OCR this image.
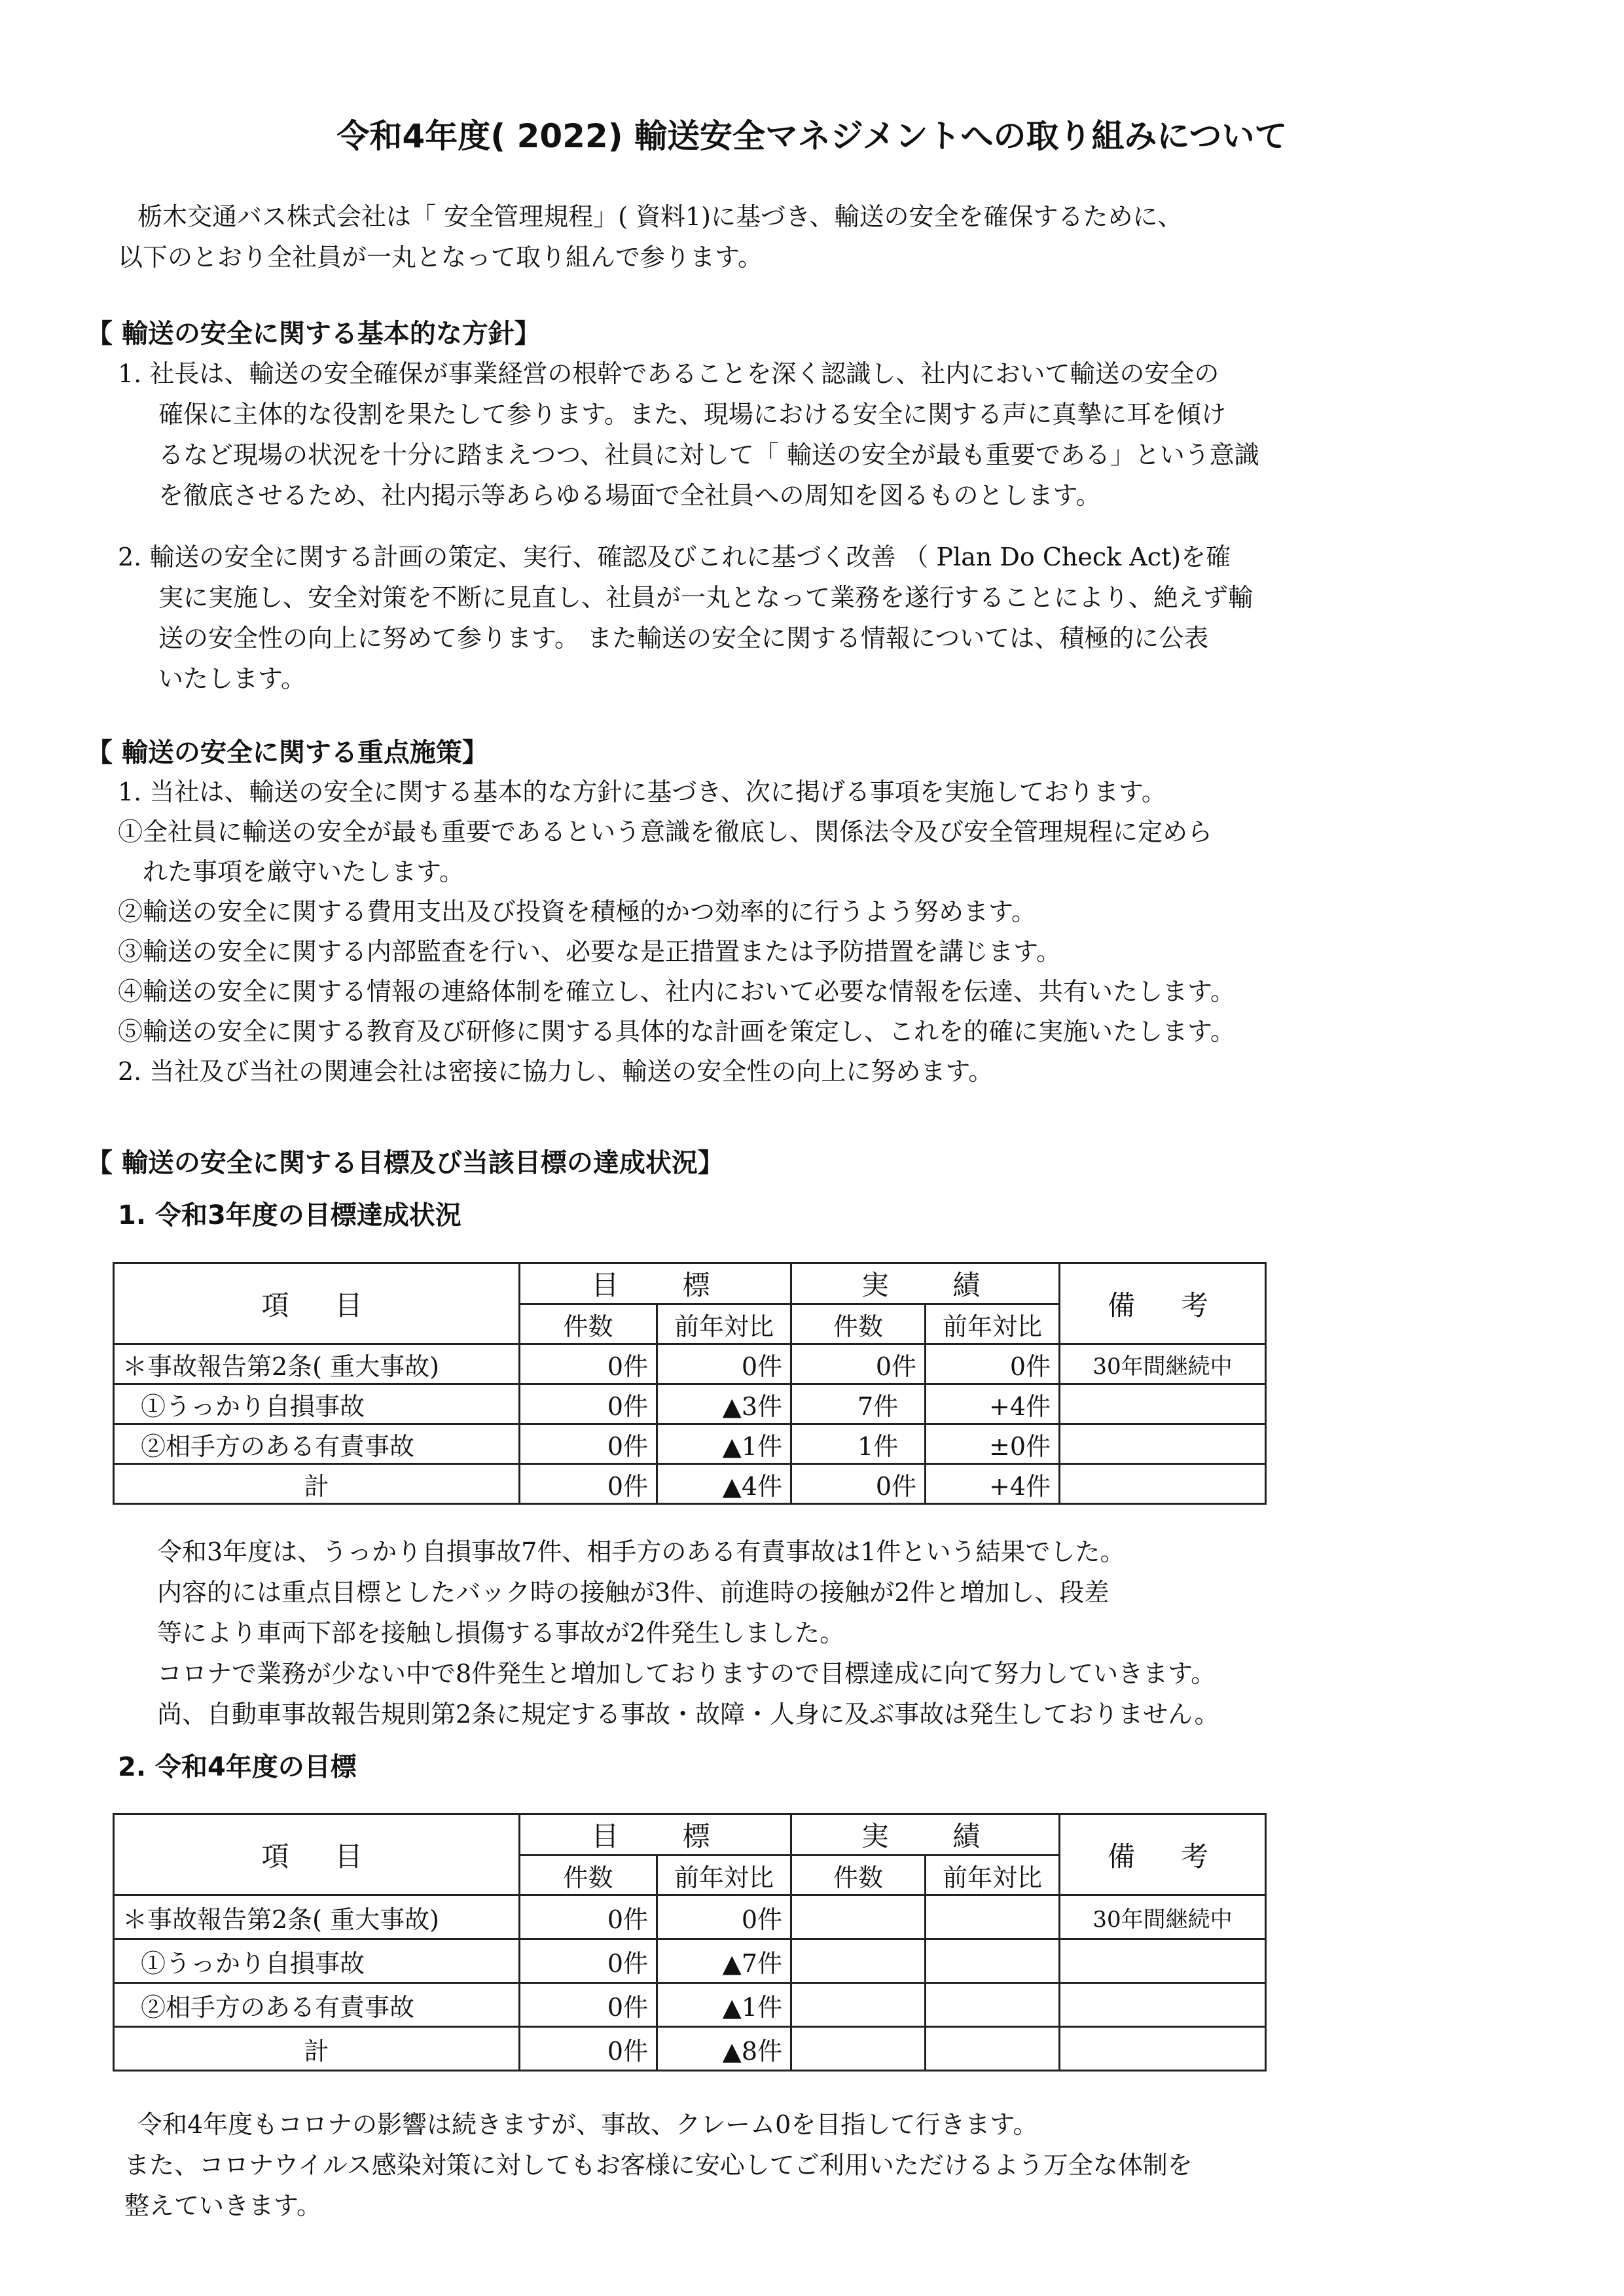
令和4年度( 2022) 輸送安全マネジメントへの取り組みについて
栃木交通バス株式会社は「 安全管理規程」( 資料1)に基づき、輸送の安全を確保するために、
以下のとおり全社員が一丸となって取り組んで参ります。
【 輸送の安全に関する基本的な方針】
1. 社長は、輸送の安全確保が事業経営の根幹であることを深く認識し、社内において輸送の安全の
確保に主体的な役割を果たして参ります。また、現場における安全に関する声に真摯に耳を傾け
るなど現場の状況を十分に踏まえつつ、社員に対して「 輸送の安全が最も重要である」という意識
を徹底させるため、社内掲示等あらゆる場面で全社員への周知を図るものとします。
2. 輸送の安全に関する計画の策定、実行、確認及びこれに基づく改善 （ Plan Do Check Act)を確
実に実施し、安全対策を不断に見直し、社員が一丸となって業務を遂行することにより、絶えず輸
送の安全性の向上に努めて参ります。 また輸送の安全に関する情報については、積極的に公表
いたします。
【 輸送の安全に関する重点施策】
1. 当社は、輸送の安全に関する基本的な方針に基づき、次に掲げる事項を実施しております。
①全社員に輸送の安全が最も重要であるという意識を徹底し、関係法令及び安全管理規程に定めら
　れた事項を厳守いたします。
②輸送の安全に関する費用支出及び投資を積極的かつ効率的に行うよう努めます。
③輸送の安全に関する内部監査を行い、必要な是正措置または予防措置を講じます。
④輸送の安全に関する情報の連絡体制を確立し、社内において必要な情報を伝達、共有いたします。
⑤輸送の安全に関する教育及び研修に関する具体的な計画を策定し、これを的確に実施いたします。
2. 当社及び当社の関連会社は密接に協力し、輸送の安全性の向上に努めます。
【 輸送の安全に関する目標及び当該目標の達成状況】
1. 令和3年度の目標達成状況
項　目	目　 標		実　 績		備　考
	件数	前年対比	件数	前年対比	
＊事故報告第2条( 重大事故)	0件	0件	0件	0件	30年間継続中
①うっかり自損事故	0件	▲3件	7件	+4件	
②相手方のある有責事故	0件	▲1件	1件	±0件	
計	0件	▲4件	0件	+4件	
令和3年度は、うっかり自損事故7件、相手方のある有責事故は1件という結果でした。
内容的には重点目標としたバック時の接触が3件、前進時の接触が2件と増加し、段差
等により車両下部を接触し損傷する事故が2件発生しました。
コロナで業務が少ない中で8件発生と増加しておりますので目標達成に向て努力していきます。
尚、自動車事故報告規則第2条に規定する事故・故障・人身に及ぶ事故は発生しておりません。
2. 令和4年度の目標
項　目	目　 標		実　 績		備　考
	件数	前年対比	件数	前年対比	
＊事故報告第2条( 重大事故)	0件	0件			30年間継続中
①うっかり自損事故	0件	▲7件			
②相手方のある有責事故	0件	▲1件			
計	0件	▲8件			
令和4年度もコロナの影響は続きますが、事故、クレーム0を目指して行きます。
また、コロナウイルス感染対策に対してもお客様に安心してご利用いただけるよう万全な体制を
整えていきます。
